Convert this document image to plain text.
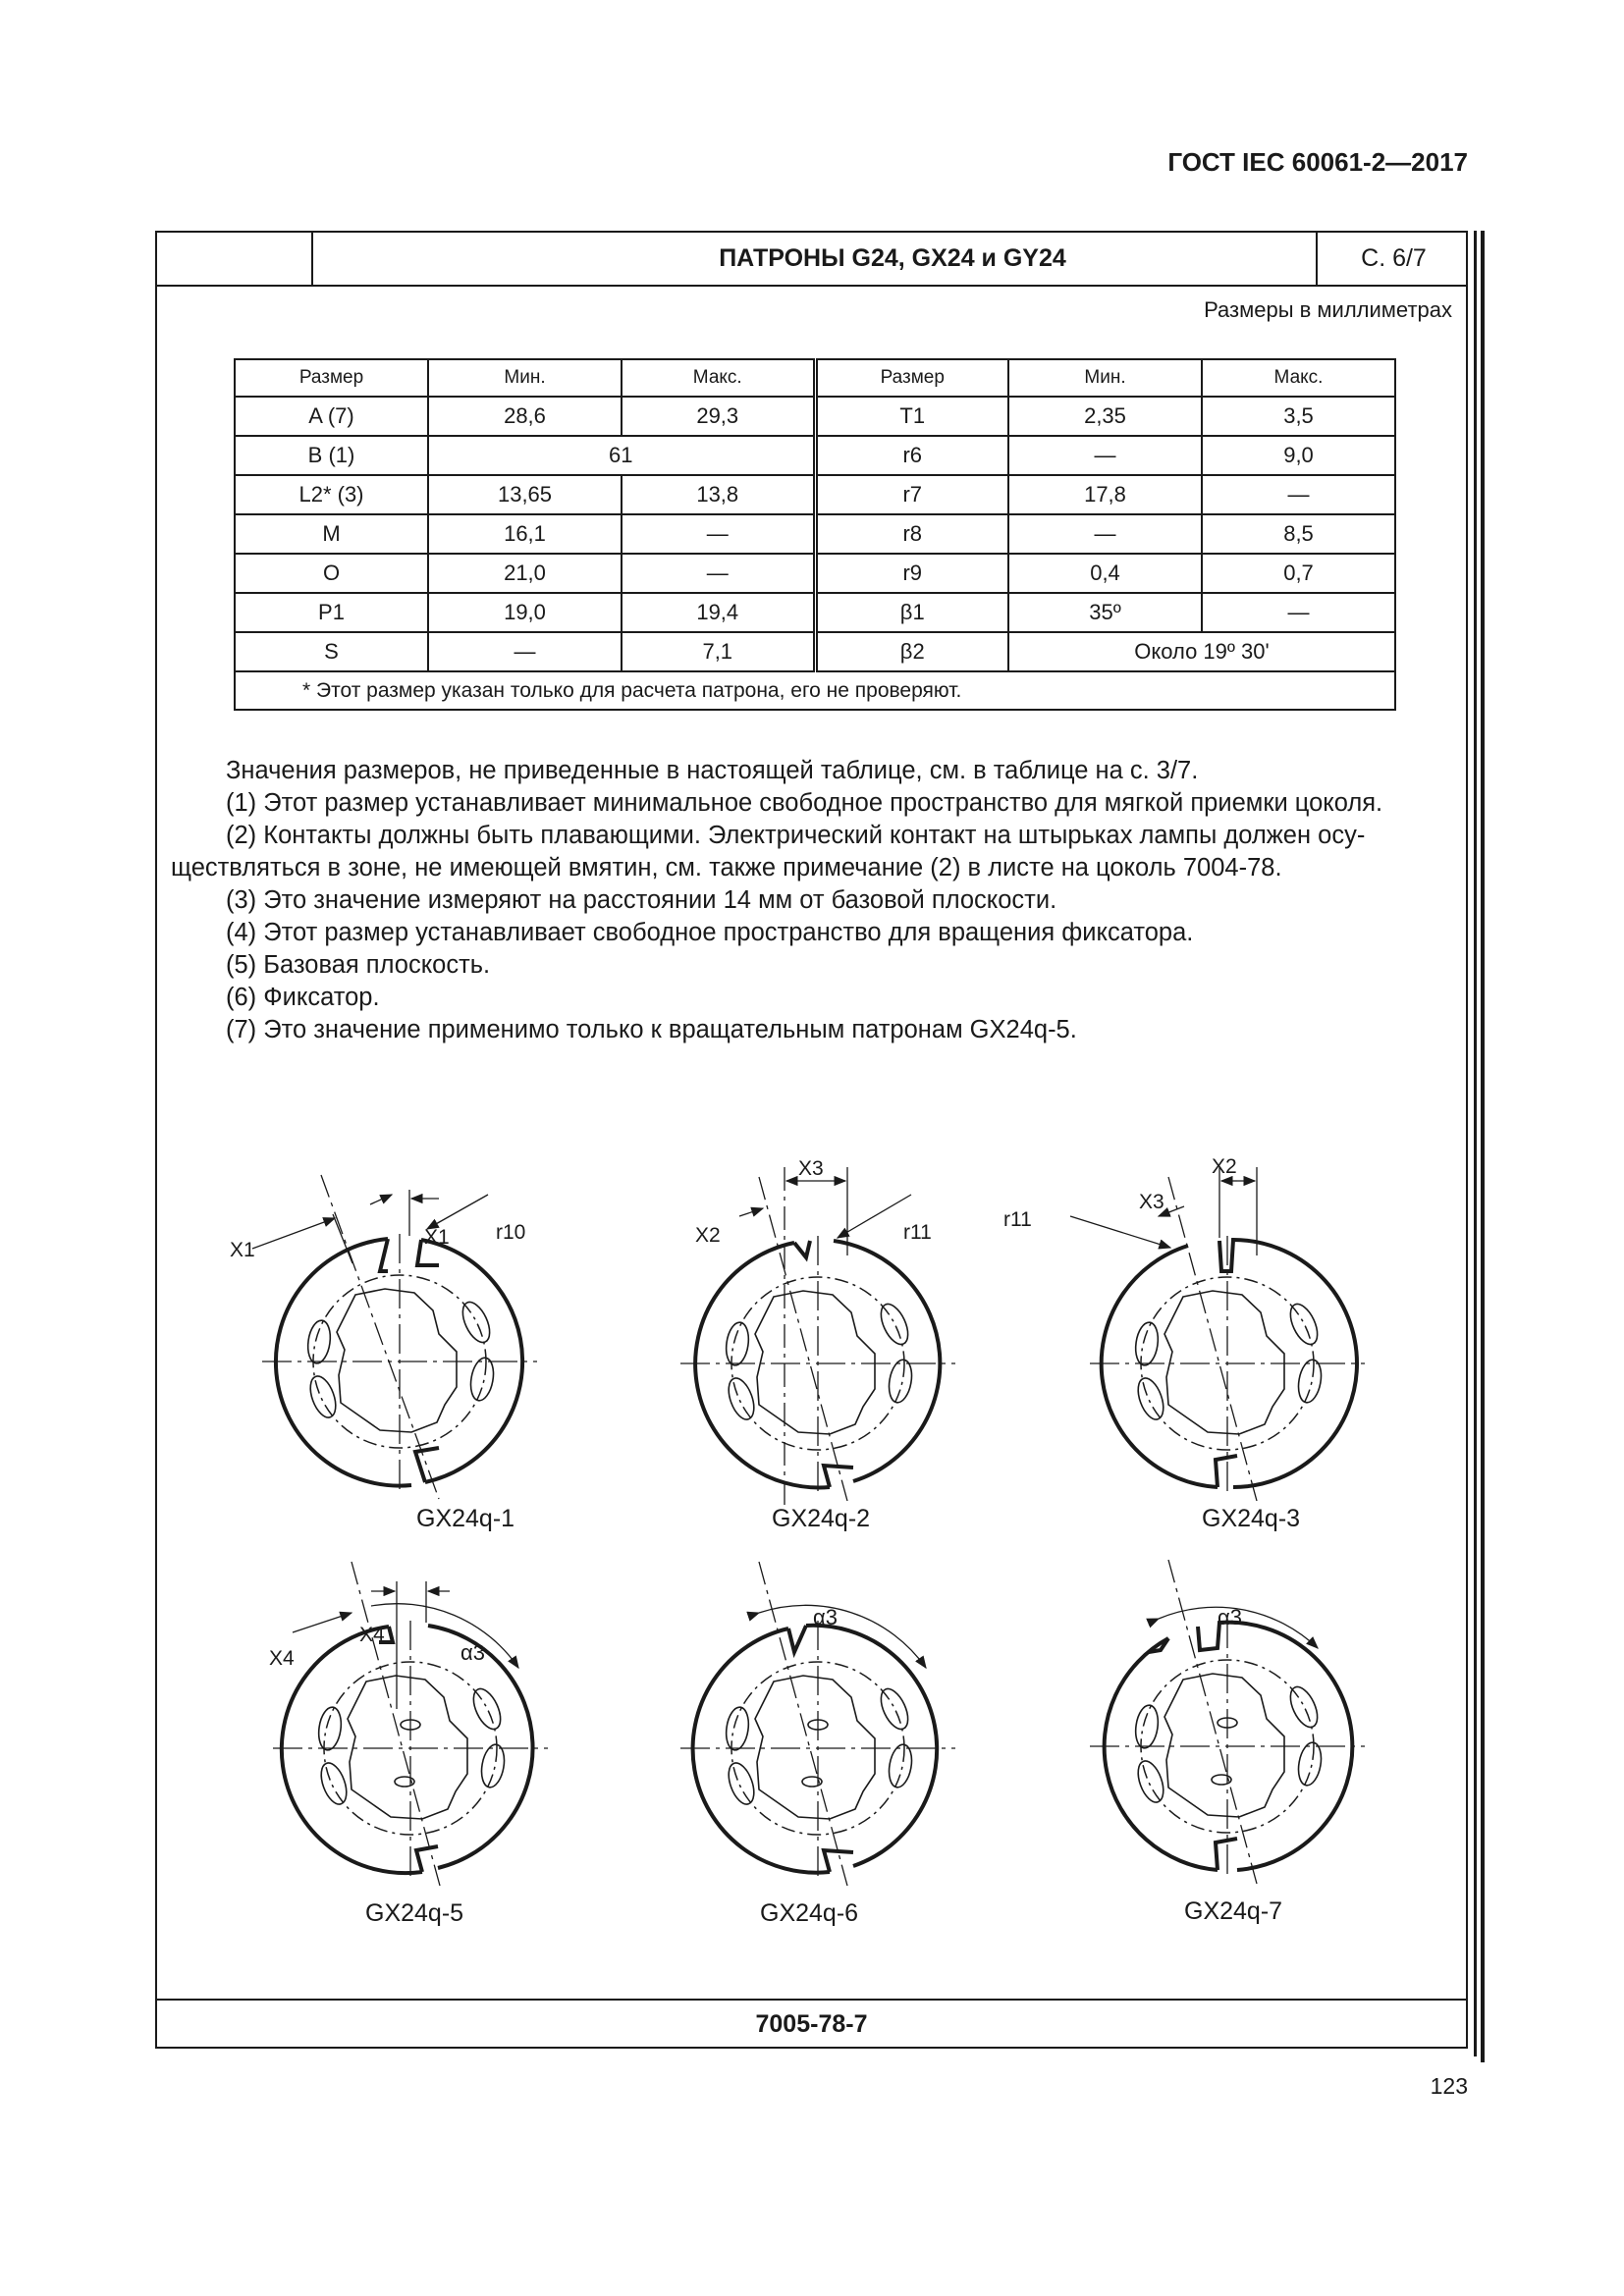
ГОСТ IEC 60061-2—2017
ПАТРОНЫ G24, GX24 и GY24	С. 6/7
Размеры в миллиметрах
Размер	Мин.	Макс.	Размер	Мин.	Макс.
A (7)	28,6	29,3	T1	2,35	3,5
B (1)	61		r6	—	9,0
L2* (3)	13,65	13,8	r7	17,8	—
M	16,1	—	r8	—	8,5
O	21,0	—	r9	0,4	0,7
P1	19,0	19,4	β1	35º	—
S	—	7,1	β2	Около 19º 30'	
* Этот размер указан только для расчета патрона, его не проверяют.					

Значения размеров, не приведенные в настоящей таблице, см. в таблице на с. 3/7.

(1) Этот размер устанавливает минимальное свободное пространство для мягкой приемки цоколя.

(2) Контакты должны быть плавающими. Электрический контакт на штырьках лампы должен осу-

ществляться в зоне, не имеющей вмятин, см. также примечание (2) в листе на цоколь 7004-78.

(3) Это значение измеряют на расстоянии 14 мм от базовой плоскости.

(4) Этот размер устанавливает свободное пространство для вращения фиксатора.

(5) Базовая плоскость.

(6) Фиксатор.

(7) Это значение применимо только к вращательным патронам GX24q-5.

X1
X1 r10
GX24q-1
X3
X2	r11
GX24q-2
X2
X3
r11
GX24q-3
X4
X4	α3
GX24q-5
α3
GX24q-6
α3
GX24q-7
7005-78-7
123
